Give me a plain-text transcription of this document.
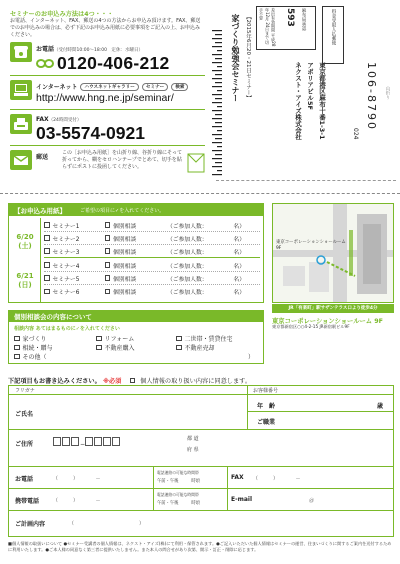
セミナーのお申込み方法は4つ・・・
お電話、インターネット、FAX、郵送の4つの方法からお申込み頂けます。FAX、郵送でのお申込みの場合は、必ず下記のお申込み用紙に必要事項をご記入の上、お申込みください。
お電話（受付時間10:00～18:00　定休：水曜日）
0120-406-212
インターネット	ハウスネットギャラリー	セミナー	検索
http://www.hng.ne.jp/seminar/
FAX（24時間受付）
03-5574-0921
郵送
この［お申込み用紙］を山折り線、谷折り線にそって折ってから、糊をセロハンテープでとめて、切手を貼らずにポストに投函してください。
家づくり勉強会セミナー 【2015年6月20・21日セミナー】
ネクスト・アイズ株式会社 アポリアビル5F 東京都港区麻布十番1-3-1
差出有効期間 平成28年12月 24日まで 切手不要	593 麻布局承認	料金受取人払郵便
106-8790
024
山折り
【お申込み用紙】	ご希望の項目に✓を入れてください。
6/20
(土)
セミナー1	個別相談	（ご参加人数：	名）
セミナー2	個別相談	（ご参加人数：	名）
セミナー3	個別相談	（ご参加人数：	名）
6/21
(日)
セミナー4	個別相談	（ご参加人数：	名）
セミナー5	個別相談	（ご参加人数：	名）
セミナー6	個別相談	（ご参加人数：	名）
東京コーポレーションショールーム
9F
JR「有楽町」駅サザンテラス口より徒歩4分
東京コーポレーションショールーム 9F
東京都新宿区○○4-2-15 JR新宿駅ビル9F
個別相談会の内容について
相談内容 あてはまるものに✓を入れてください
家づくり	リフォーム	二世帯・賃貸住宅
相続・贈与	不動産購入	不動産売却
その他（	）
下記項目もお書き込みください。 ※必須	個人情報の取り扱い内容に同意します。
フリガナ	お客様番号
ご氏名
年　齢	歳
ご職業
ご住所	−
都 道
府 県
お電話	（　　　）　　　　－
電話連絡の可能な時間帯
午前・午後　　　時頃
FAX （　　　）　　　　－
携帯電話	（　　　）　　　　－
電話連絡の可能な時間帯
午前・午後　　　時頃
E-mail	＠
ご計画内容	（　　　　　　　　　　　　　）
■個人情報の取扱いについて ●セミナー受講者の個人情報は、ネクスト・アイズ(株)にて利用・保管されます。●ご記入いただいた個人情報はセミナーの運営、住まいづくりに関するご案内を送付するために利用いたします。●ご本人様の同意なく第三者に提供いたしません。また本人の問合せがあり次第、開示・訂正・削除に応じます。
